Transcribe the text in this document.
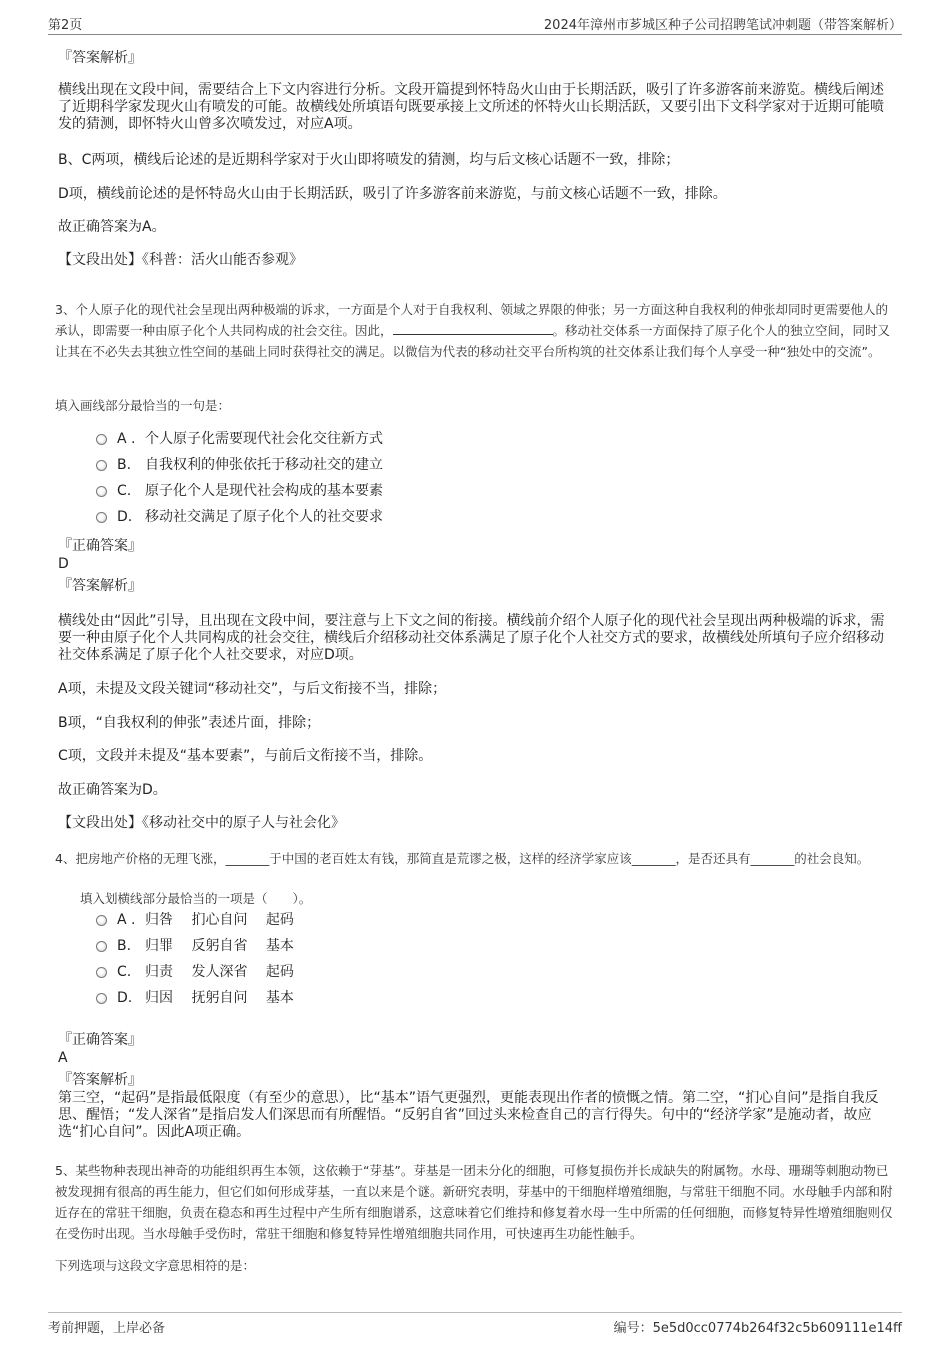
第2页	2024年漳州市芗城区种子公司招聘笔试冲刺题（带答案解析）
『答案解析』
横线出现在文段中间，需要结合上下文内容进行分析。文段开篇提到怀特岛火山由于长期活跃，吸引了许多游客前来游览。横线后阐述了近期科学家发现火山有喷发的可能。故横线处所填语句既要承接上文所述的怀特火山长期活跃，又要引出下文科学家对于近期可能喷发的猜测，即怀特火山曾多次喷发过，对应A项。
B、C两项，横线后论述的是近期科学家对于火山即将喷发的猜测，均与后文核心话题不一致，排除；
D项，横线前论述的是怀特岛火山由于长期活跃，吸引了许多游客前来游览，与前文核心话题不一致，排除。
故正确答案为A。
【文段出处】《科普：活火山能否参观》
3、个人原子化的现代社会呈现出两种极端的诉求，一方面是个人对于自我权利、领域之界限的伸张；另一方面这种自我权利的伸张却同时更需要他人的承认，即需要一种由原子化个人共同构成的社会交往。因此，	。移动社交体系一方面保持了原子化个人的独立空间，同时又让其在不必失去其独立性空间的基础上同时获得社交的满足。以微信为代表的移动社交平台所构筑的社交体系让我们每个人享受一种“独处中的交流”。
填入画线部分最恰当的一句是：
A . 个人原子化需要现代社会化交往新方式
B. 自我权利的伸张依托于移动社交的建立
C. 原子化个人是现代社会构成的基本要素
D. 移动社交满足了原子化个人的社交要求
『正确答案』
D
『答案解析』
横线处由“因此”引导，且出现在文段中间，要注意与上下文之间的衔接。横线前介绍个人原子化的现代社会呈现出两种极端的诉求，需要一种由原子化个人共同构成的社会交往，横线后介绍移动社交体系满足了原子化个人社交方式的要求，故横线处所填句子应介绍移动社交体系满足了原子化个人社交要求，对应D项。
A项，未提及文段关键词“移动社交”，与后文衔接不当，排除；
B项，“自我权利的伸张”表述片面，排除；
C项，文段并未提及“基本要素”，与前后文衔接不当，排除。
故正确答案为D。
【文段出处】《移动社交中的原子人与社会化》
4、把房地产价格的无理飞涨，_______于中国的老百姓太有钱，那简直是荒谬之极，这样的经济学家应该_______，是否还具有_______的社会良知。
填入划横线部分最恰当的一项是（　　）。
A . 归咎　 扪心自问　 起码
B. 归罪　 反躬自省　 基本
C. 归责　 发人深省　 起码
D. 归因　 抚躬自问　 基本
『正确答案』
A
『答案解析』
第三空，“起码”是指最低限度（有至少的意思），比“基本”语气更强烈，更能表现出作者的愤慨之情。第二空，“扪心自问”是指自我反思、醒悟；“发人深省”是指启发人们深思而有所醒悟。“反躬自省”回过头来检查自己的言行得失。句中的“经济学家”是施动者，故应选“扪心自问”。因此A项正确。
5、某些物种表现出神奇的功能组织再生本领，这依赖于“芽基”。芽基是一团未分化的细胞，可修复损伤并长成缺失的附属物。水母、珊瑚等刺胞动物已被发现拥有很高的再生能力，但它们如何形成芽基，一直以来是个谜。新研究表明，芽基中的干细胞样增殖细胞，与常驻干细胞不同。水母触手内部和附近存在的常驻干细胞，负责在稳态和再生过程中产生所有细胞谱系，这意味着它们维持和修复着水母一生中所需的任何细胞，而修复特异性增殖细胞则仅在受伤时出现。当水母触手受伤时，常驻干细胞和修复特异性增殖细胞共同作用，可快速再生功能性触手。
下列选项与这段文字意思相符的是：
考前押题，上岸必备	编号：5e5d0cc0774b264f32c5b609111e14ff
